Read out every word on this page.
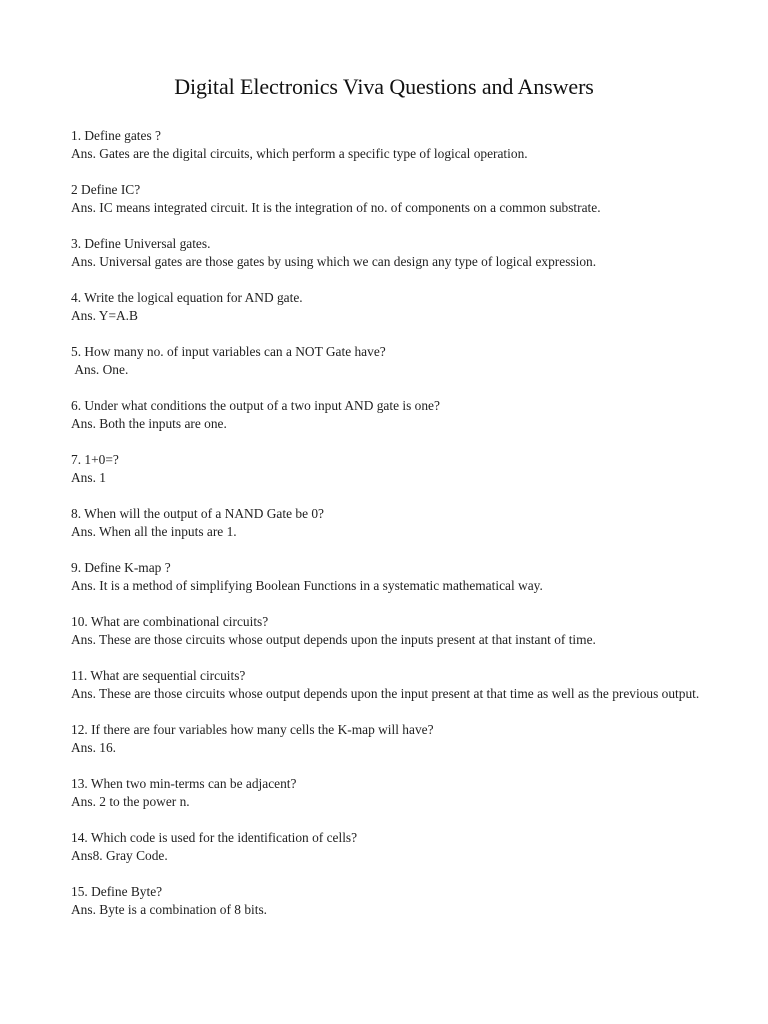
Digital Electronics Viva Questions and Answers
1. Define gates ?
Ans. Gates are the digital circuits, which perform a specific type of logical operation.
2 Define IC?
Ans. IC means integrated circuit. It is the integration of no. of components on a common substrate.
3. Define Universal gates.
Ans. Universal gates are those gates by using which we can design any type of logical expression.
4. Write the logical equation for AND gate.
Ans. Y=A.B
5. How many no. of input variables can a NOT Gate have?
Ans. One.
6. Under what conditions the output of a two input AND gate is one?
Ans. Both the inputs are one.
7. 1+0=?
Ans. 1
8. When will the output of a NAND Gate be 0?
Ans. When all the inputs are 1.
9. Define K-map ?
Ans. It is a method of simplifying Boolean Functions in a systematic mathematical way.
10. What are combinational circuits?
Ans. These are those circuits whose output depends upon the inputs present at that instant of time.
11. What are sequential circuits?
Ans. These are those circuits whose output depends upon the input present at that time as well as the previous output.
12. If there are four variables how many cells the K-map will have?
Ans. 16.
13. When two min-terms can be adjacent?
Ans. 2 to the power n.
14. Which code is used for the identification of cells?
Ans8. Gray Code.
15. Define Byte?
Ans. Byte is a combination of 8 bits.
